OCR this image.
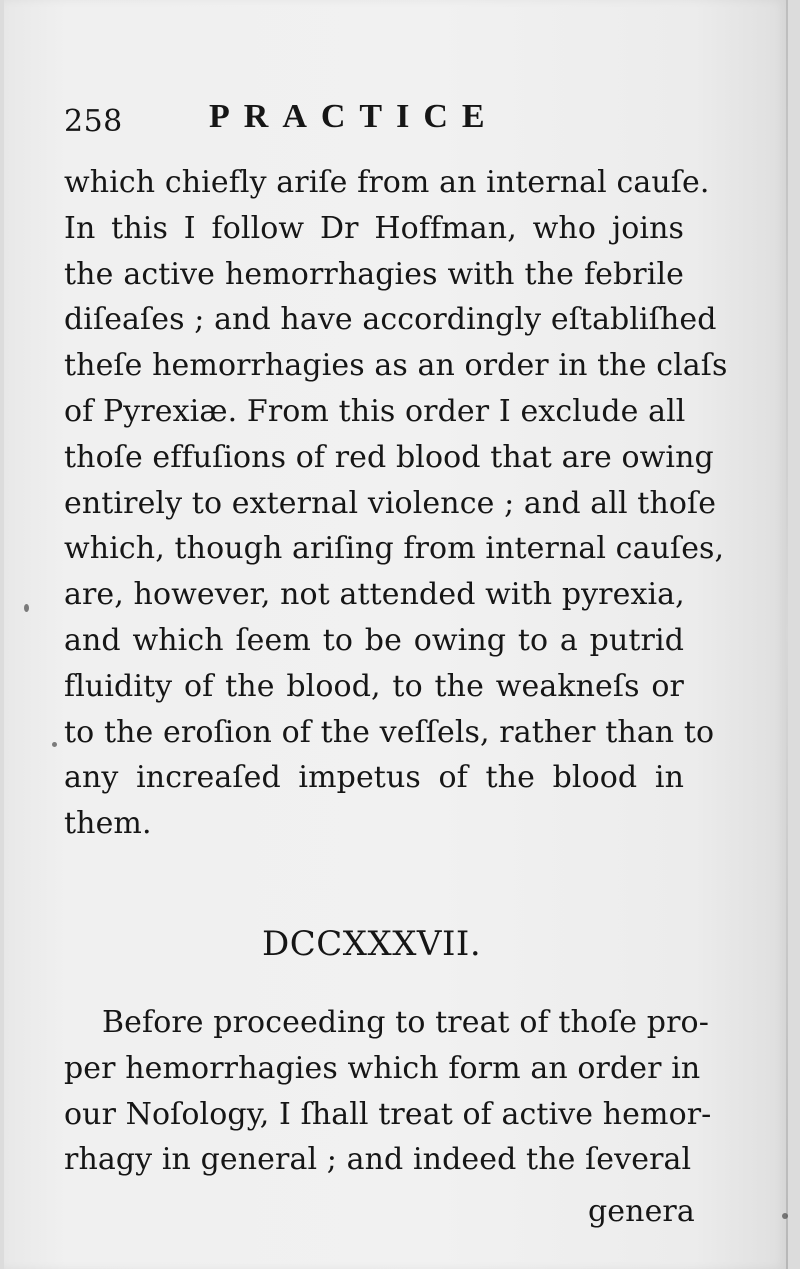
258	PRACTICE
which chiefly ariſe from an internal cauſe.
In this I follow Dr Hoffman, who joins
the active hemorrhagies with the febrile
diſeaſes ; and have accordingly eſtabliſhed
theſe hemorrhagies as an order in the claſs
of Pyrexiæ. From this order I exclude all
thoſe effuſions of red blood that are owing
entirely to external violence ; and all thoſe
which, though ariſing from internal cauſes,
are, however, not attended with pyrexia,
and which ſeem to be owing to a putrid
fluidity of the blood, to the weakneſs or
to the eroſion of the veſſels, rather than to
any increaſed impetus of the blood in
them.
DCCXXXVII.
Before proceeding to treat of thoſe pro-
per hemorrhagies which form an order in
our Noſology, I ſhall treat of active hemor-
rhagy in general ; and indeed the ſeveral
genera
